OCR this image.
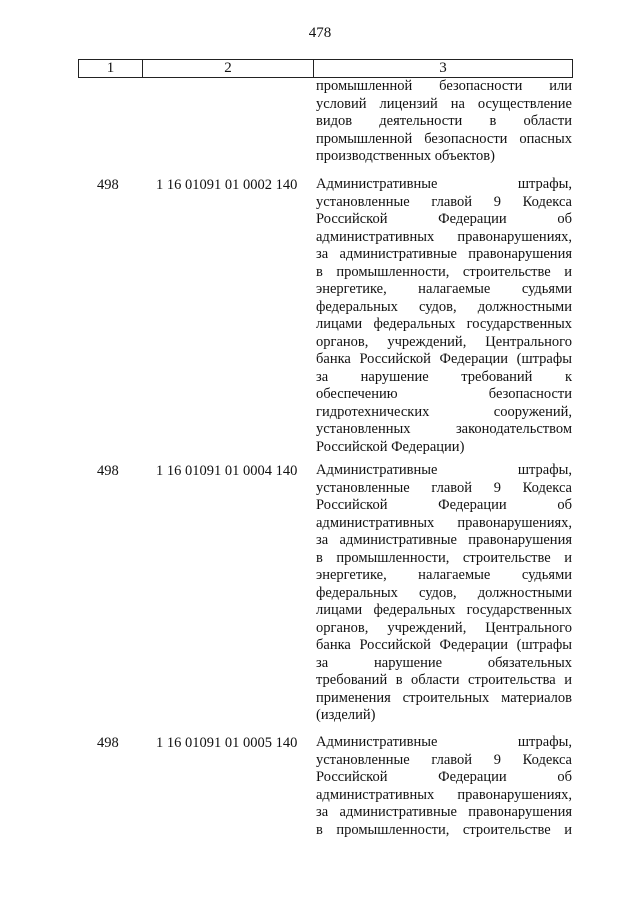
478
1	2	3
промышленной безопасности или
условий лицензий на осуществление
видов деятельности в области
промышленной безопасности опасных
производственных объектов)
498	1 16 01091 01 0002 140 Административные штрафы,
установленные главой 9 Кодекса
Российской Федерации об
административных правонарушениях,
за административные правонарушения
в промышленности, строительстве и
энергетике, налагаемые судьями
федеральных судов, должностными
лицами федеральных государственных
органов, учреждений, Центрального
банка Российской Федерации (штрафы
за нарушение требований к
обеспечению безопасности
гидротехнических сооружений,
установленных законодательством
Российской Федерации)
498	1 16 01091 01 0004 140 Административные штрафы,
установленные главой 9 Кодекса
Российской Федерации об
административных правонарушениях,
за административные правонарушения
в промышленности, строительстве и
энергетике, налагаемые судьями
федеральных судов, должностными
лицами федеральных государственных
органов, учреждений, Центрального
банка Российской Федерации (штрафы
за нарушение обязательных
требований в области строительства и
применения строительных материалов
(изделий)
498	1 16 01091 01 0005 140 Административные штрафы,
установленные главой 9 Кодекса
Российской Федерации об
административных правонарушениях,
за административные правонарушения
в промышленности, строительстве и
